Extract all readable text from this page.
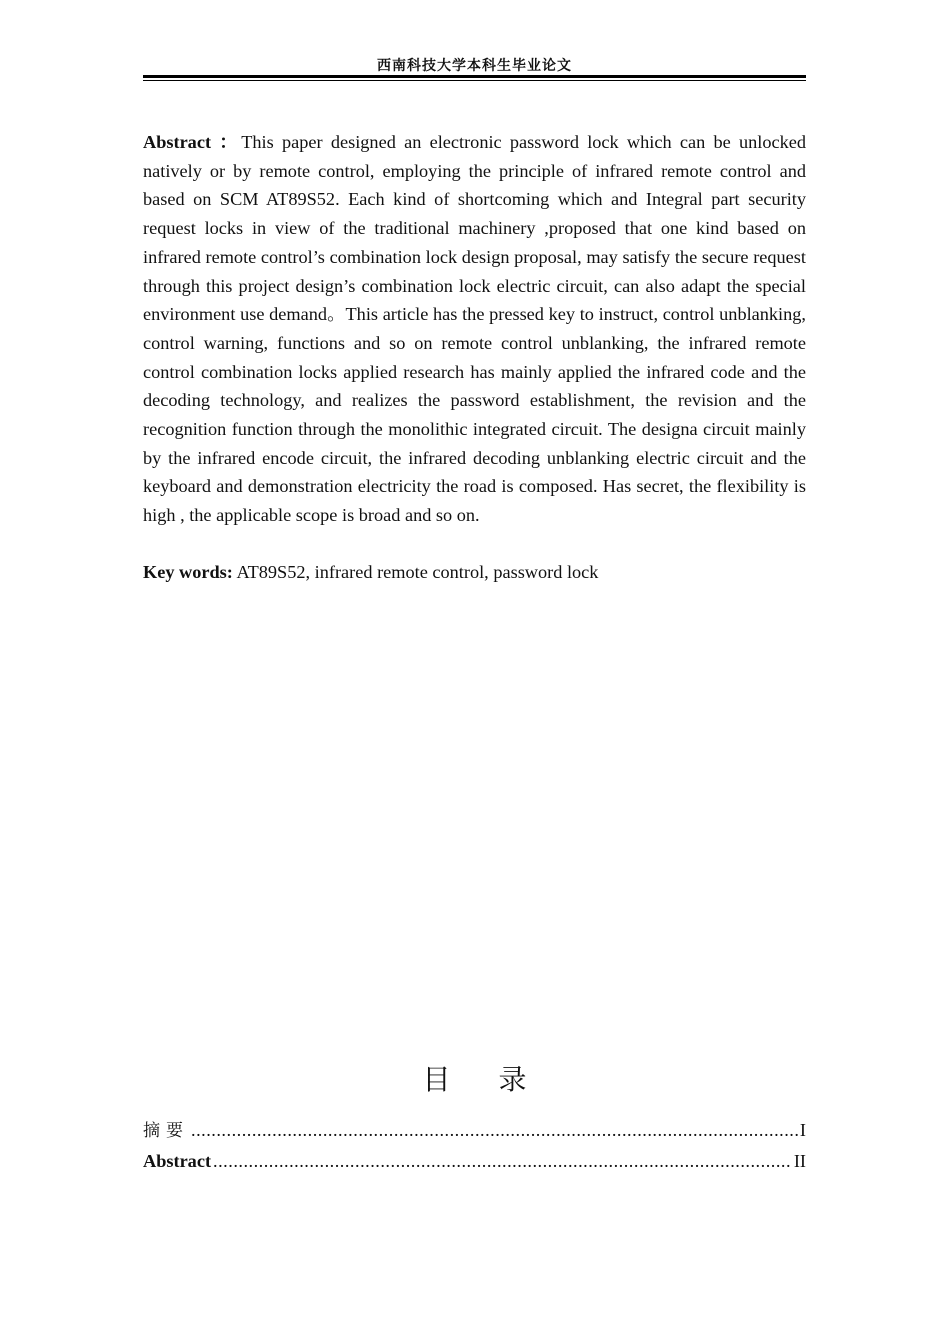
西南科技大学本科生毕业论文

Abstract ：This paper designed an electronic password lock which can be unlocked natively or by remote control, employing the principle of infrared remote control and based on SCM AT89S52. Each kind of shortcoming which and Integral part security request locks in view of the traditional machinery ,proposed that one kind based on infrared remote control’s combination lock design proposal, may satisfy the secure request through this project design’s combination lock electric circuit, can also adapt the special environment use demand。This article has the pressed key to instruct, control unblanking, control warning, functions and so on remote control unblanking, the infrared remote control combination locks applied research has mainly applied the infrared code and the decoding technology, and realizes the password establishment, the revision and the recognition function through the monolithic integrated circuit. The designa circuit mainly by the infrared encode circuit, the infrared decoding unblanking electric circuit and the keyboard and demonstration electricity the road is composed. Has secret, the flexibility is high , the applicable scope is broad and so on.

Key words: AT89S52, infrared remote control, password lock

目 录
摘要 .....	I
Abstract .....	II
